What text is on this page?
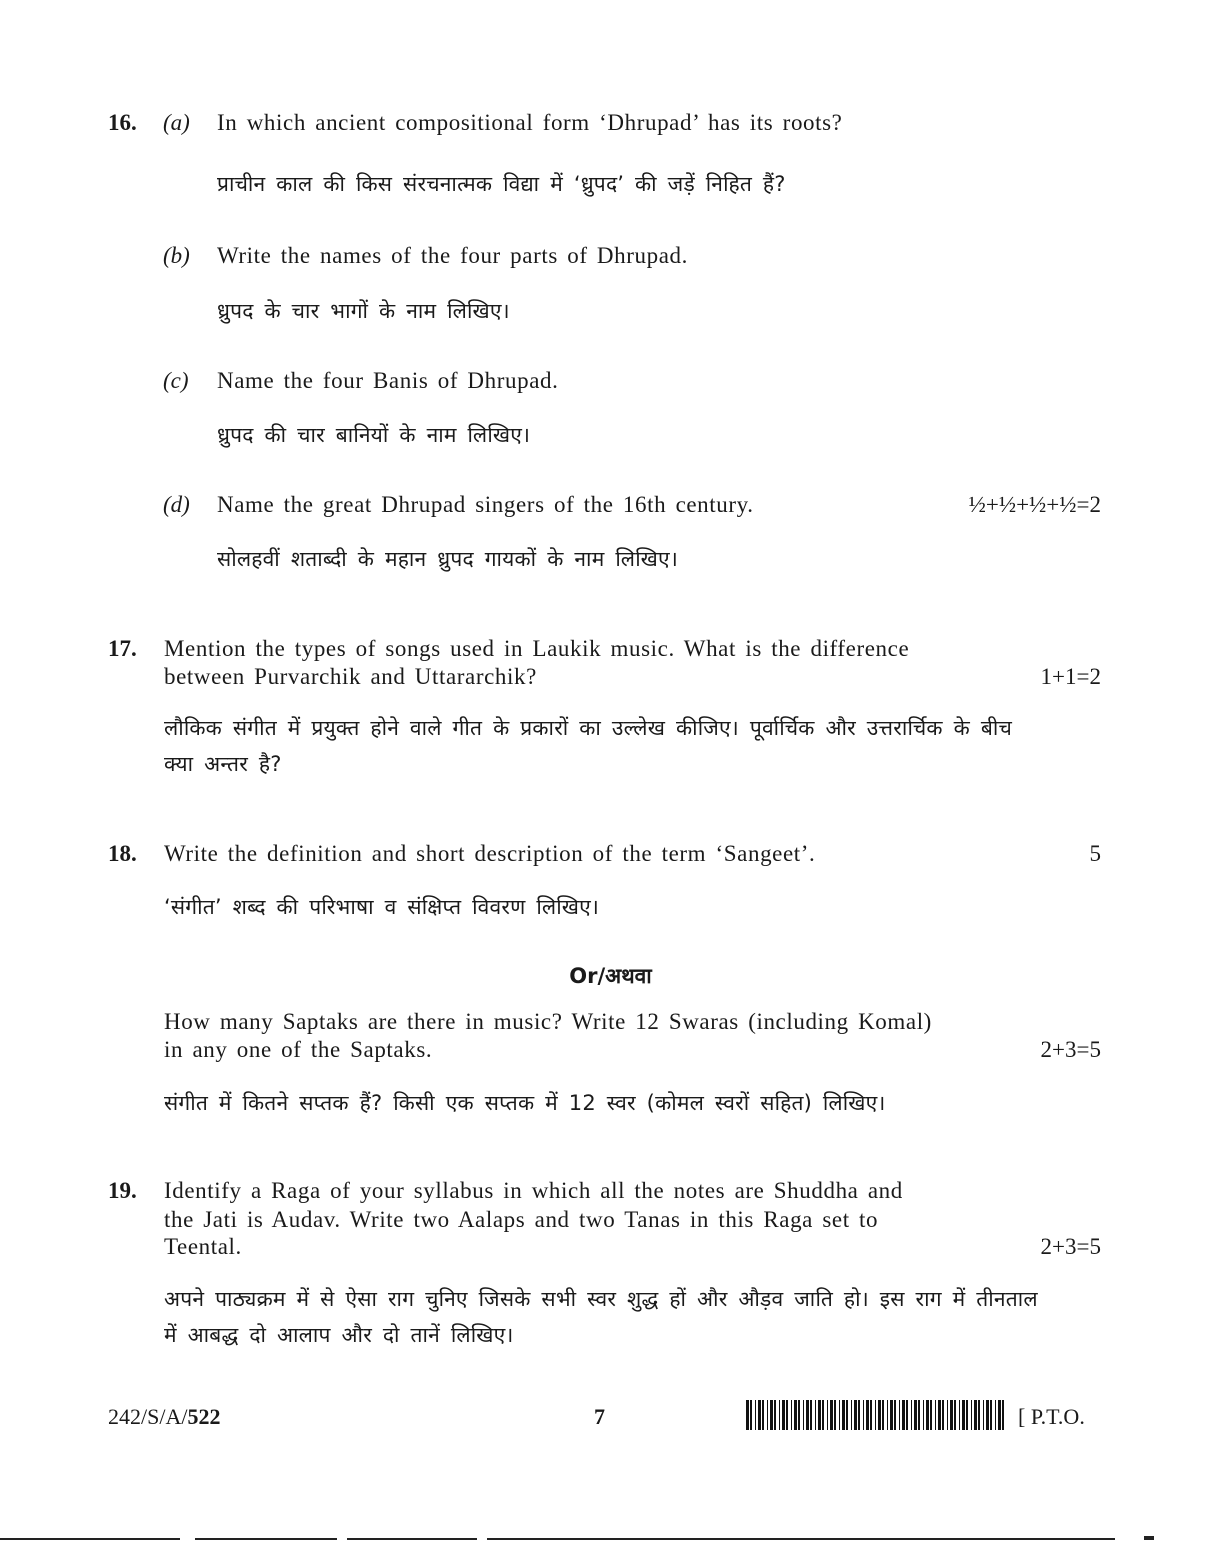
16. (a) In which ancient compositional form ‘Dhrupad’ has its roots?
प्राचीन काल की किस संरचनात्मक विद्या में ‘ध्रुपद’ की जड़ें निहित हैं?
(b) Write the names of the four parts of Dhrupad.
ध्रुपद के चार भागों के नाम लिखिए।
(c) Name the four Banis of Dhrupad.
ध्रुपद की चार बानियों के नाम लिखिए।
(d) Name the great Dhrupad singers of the 16th century.	½+½+½+½=2
सोलहवीं शताब्दी के महान ध्रुपद गायकों के नाम लिखिए।
17. Mention the types of songs used in Laukik music. What is the difference
between Purvarchik and Uttararchik?	1+1=2
लौकिक संगीत में प्रयुक्त होने वाले गीत के प्रकारों का उल्लेख कीजिए। पूर्वार्चिक और उत्तरार्चिक के बीच
क्या अन्तर है?
18. Write the definition and short description of the term ‘Sangeet’.	5
‘संगीत’ शब्द की परिभाषा व संक्षिप्त विवरण लिखिए।
Or/अथवा
How many Saptaks are there in music? Write 12 Swaras (including Komal)
in any one of the Saptaks.	2+3=5
संगीत में कितने सप्तक हैं? किसी एक सप्तक में 12 स्वर (कोमल स्वरों सहित) लिखिए।
19. Identify a Raga of your syllabus in which all the notes are Shuddha and
the Jati is Audav. Write two Aalaps and two Tanas in this Raga set to
Teental.	2+3=5
अपने पाठ्यक्रम में से ऐसा राग चुनिए जिसके सभी स्वर शुद्ध हों और औड़व जाति हो। इस राग में तीनताल
में आबद्ध दो आलाप और दो तानें लिखिए।
242/S/A/522	7	[ P.T.O.
